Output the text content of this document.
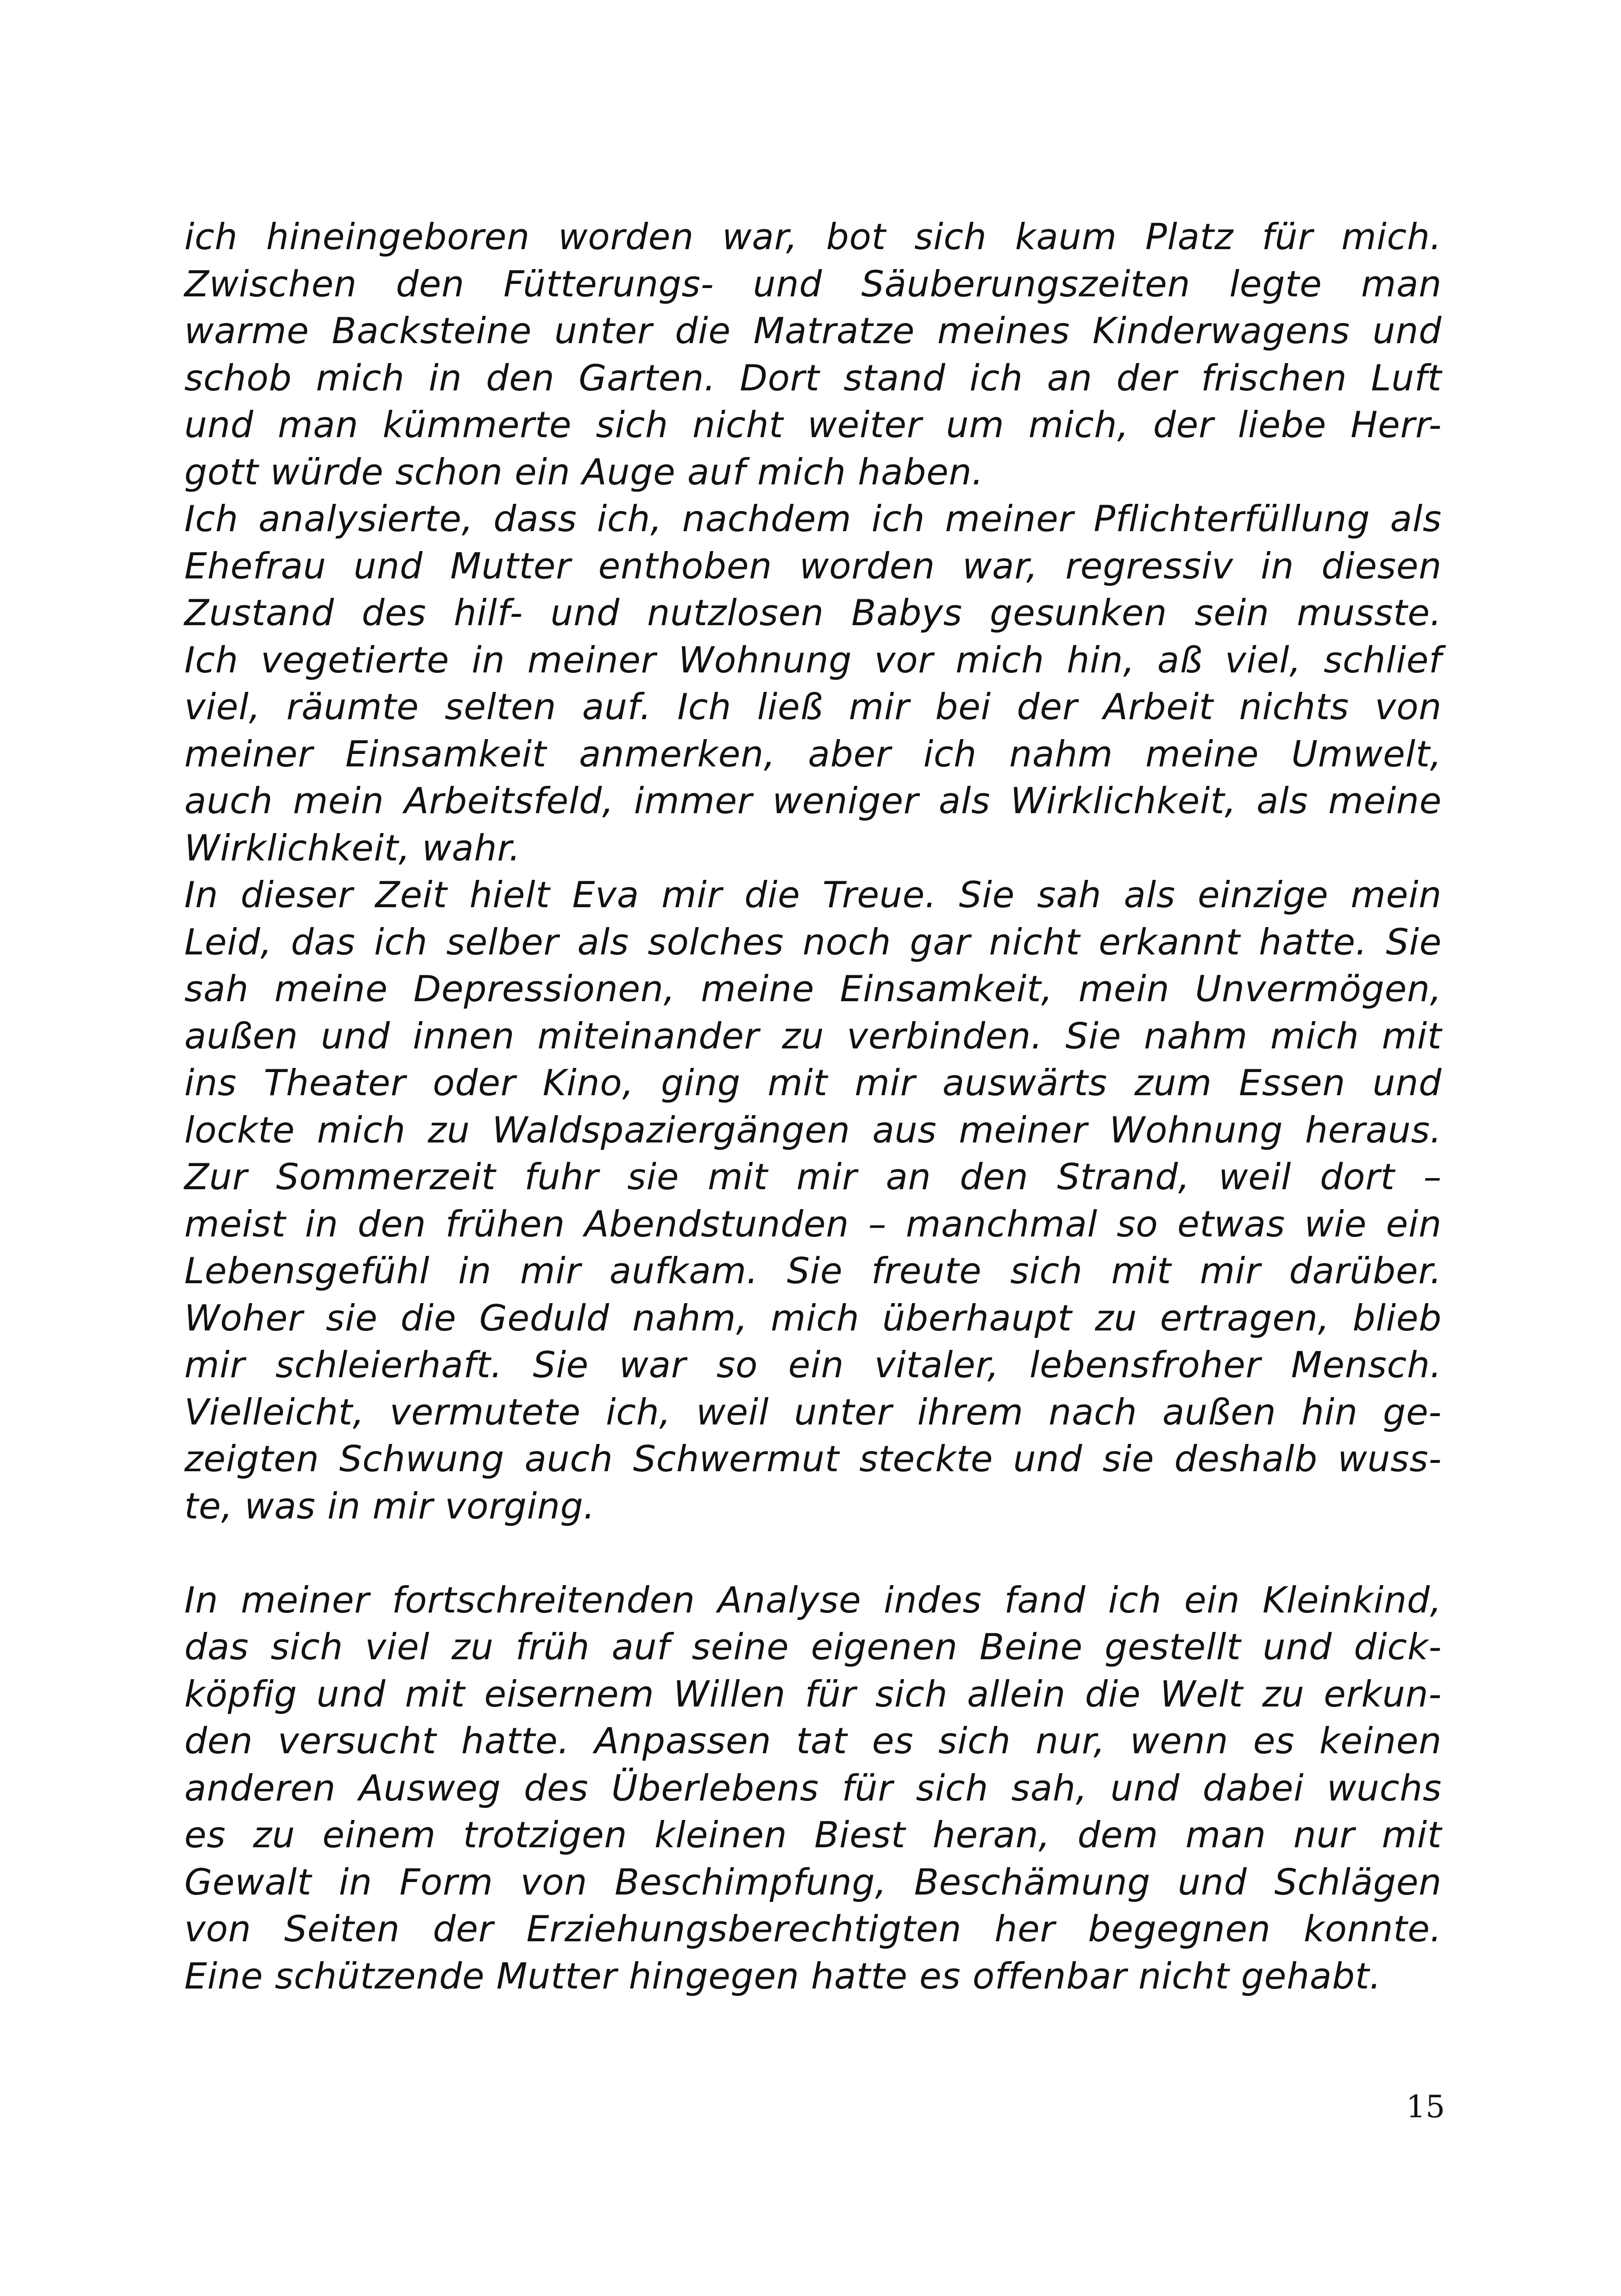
ich hineingeboren worden war, bot sich kaum Platz für mich.
Zwischen den Fütterungs- und Säuberungszeiten legte man
warme Backsteine unter die Matratze meines Kinderwagens und
schob mich in den Garten. Dort stand ich an der frischen Luft
und man kümmerte sich nicht weiter um mich, der liebe Herr-
gott würde schon ein Auge auf mich haben.
Ich analysierte, dass ich, nachdem ich meiner Pflichterfüllung als
Ehefrau und Mutter enthoben worden war, regressiv in diesen
Zustand des hilf- und nutzlosen Babys gesunken sein musste.
Ich vegetierte in meiner Wohnung vor mich hin, aß viel, schlief
viel, räumte selten auf. Ich ließ mir bei der Arbeit nichts von
meiner Einsamkeit anmerken, aber ich nahm meine Umwelt,
auch mein Arbeitsfeld, immer weniger als Wirklichkeit, als meine
Wirklichkeit, wahr.
In dieser Zeit hielt Eva mir die Treue. Sie sah als einzige mein
Leid, das ich selber als solches noch gar nicht erkannt hatte. Sie
sah meine Depressionen, meine Einsamkeit, mein Unvermögen,
außen und innen miteinander zu verbinden. Sie nahm mich mit
ins Theater oder Kino, ging mit mir auswärts zum Essen und
lockte mich zu Waldspaziergängen aus meiner Wohnung heraus.
Zur Sommerzeit fuhr sie mit mir an den Strand, weil dort –
meist in den frühen Abendstunden – manchmal so etwas wie ein
Lebensgefühl in mir aufkam. Sie freute sich mit mir darüber.
Woher sie die Geduld nahm, mich überhaupt zu ertragen, blieb
mir schleierhaft. Sie war so ein vitaler, lebensfroher Mensch.
Vielleicht, vermutete ich, weil unter ihrem nach außen hin ge-
zeigten Schwung auch Schwermut steckte und sie deshalb wuss-
te, was in mir vorging.
In meiner fortschreitenden Analyse indes fand ich ein Kleinkind,
das sich viel zu früh auf seine eigenen Beine gestellt und dick-
köpfig und mit eisernem Willen für sich allein die Welt zu erkun-
den versucht hatte. Anpassen tat es sich nur, wenn es keinen
anderen Ausweg des Überlebens für sich sah, und dabei wuchs
es zu einem trotzigen kleinen Biest heran, dem man nur mit
Gewalt in Form von Beschimpfung, Beschämung und Schlägen
von Seiten der Erziehungsberechtigten her begegnen konnte.
Eine schützende Mutter hingegen hatte es offenbar nicht gehabt.
15
